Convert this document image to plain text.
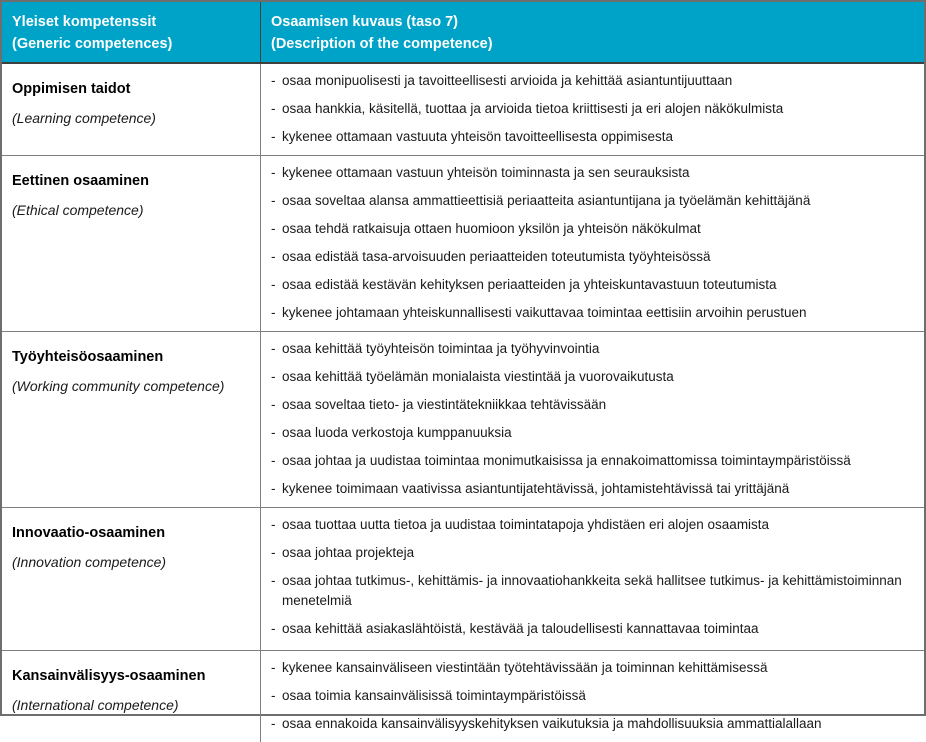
Yleiset kompetenssit
(Generic competences)
Osaamisen kuvaus (taso 7)
(Description of the competence)
Oppimisen taidot
(Learning competence)
- osaa monipuolisesti ja tavoitteellisesti arvioida ja kehittää asiantuntijuuttaan
- osaa hankkia, käsitellä, tuottaa ja arvioida tietoa kriittisesti ja eri alojen näkökulmista
- kykenee ottamaan vastuuta yhteisön tavoitteellisesta oppimisesta
Eettinen osaaminen
(Ethical competence)
- kykenee ottamaan vastuun yhteisön toiminnasta ja sen seurauksista
- osaa soveltaa alansa ammattieettisiä periaatteita asiantuntijana ja työelämän kehittäjänä
- osaa tehdä ratkaisuja ottaen huomioon yksilön ja yhteisön näkökulmat
- osaa edistää tasa-arvoisuuden periaatteiden toteutumista työyhteisössä
- osaa edistää kestävän kehityksen periaatteiden ja yhteiskuntavastuun toteutumista
- kykenee johtamaan yhteiskunnallisesti vaikuttavaa toimintaa eettisiin arvoihin perustuen
Työyhteisöosaaminen
(Working community competence)
- osaa kehittää työyhteisön toimintaa ja työhyvinvointia
- osaa kehittää työelämän monialaista viestintää ja vuorovaikutusta
- osaa soveltaa tieto- ja viestintätekniikkaa tehtävissään
- osaa luoda verkostoja kumppanuuksia
- osaa johtaa ja uudistaa toimintaa monimutkaisissa ja ennakoimattomissa toimintaympäristöissä
- kykenee toimimaan vaativissa asiantuntijatehtävissä, johtamistehtävissä tai yrittäjänä
Innovaatio-osaaminen
(Innovation competence)
- osaa tuottaa uutta tietoa ja uudistaa toimintatapoja yhdistäen eri alojen osaamista
- osaa johtaa projekteja
- osaa johtaa tutkimus-, kehittämis- ja innovaatiohankkeita sekä hallitsee tutkimus- ja kehittämistoiminnan menetelmiä
- osaa kehittää asiakaslähtöistä, kestävää ja taloudellisesti kannattavaa toimintaa
Kansainvälisyys-osaaminen
(International competence)
- kykenee kansainväliseen viestintään työtehtävissään ja toiminnan kehittämisessä
- osaa toimia kansainvälisissä toimintaympäristöissä
- osaa ennakoida kansainvälisyyskehityksen vaikutuksia ja mahdollisuuksia ammattialallaan
